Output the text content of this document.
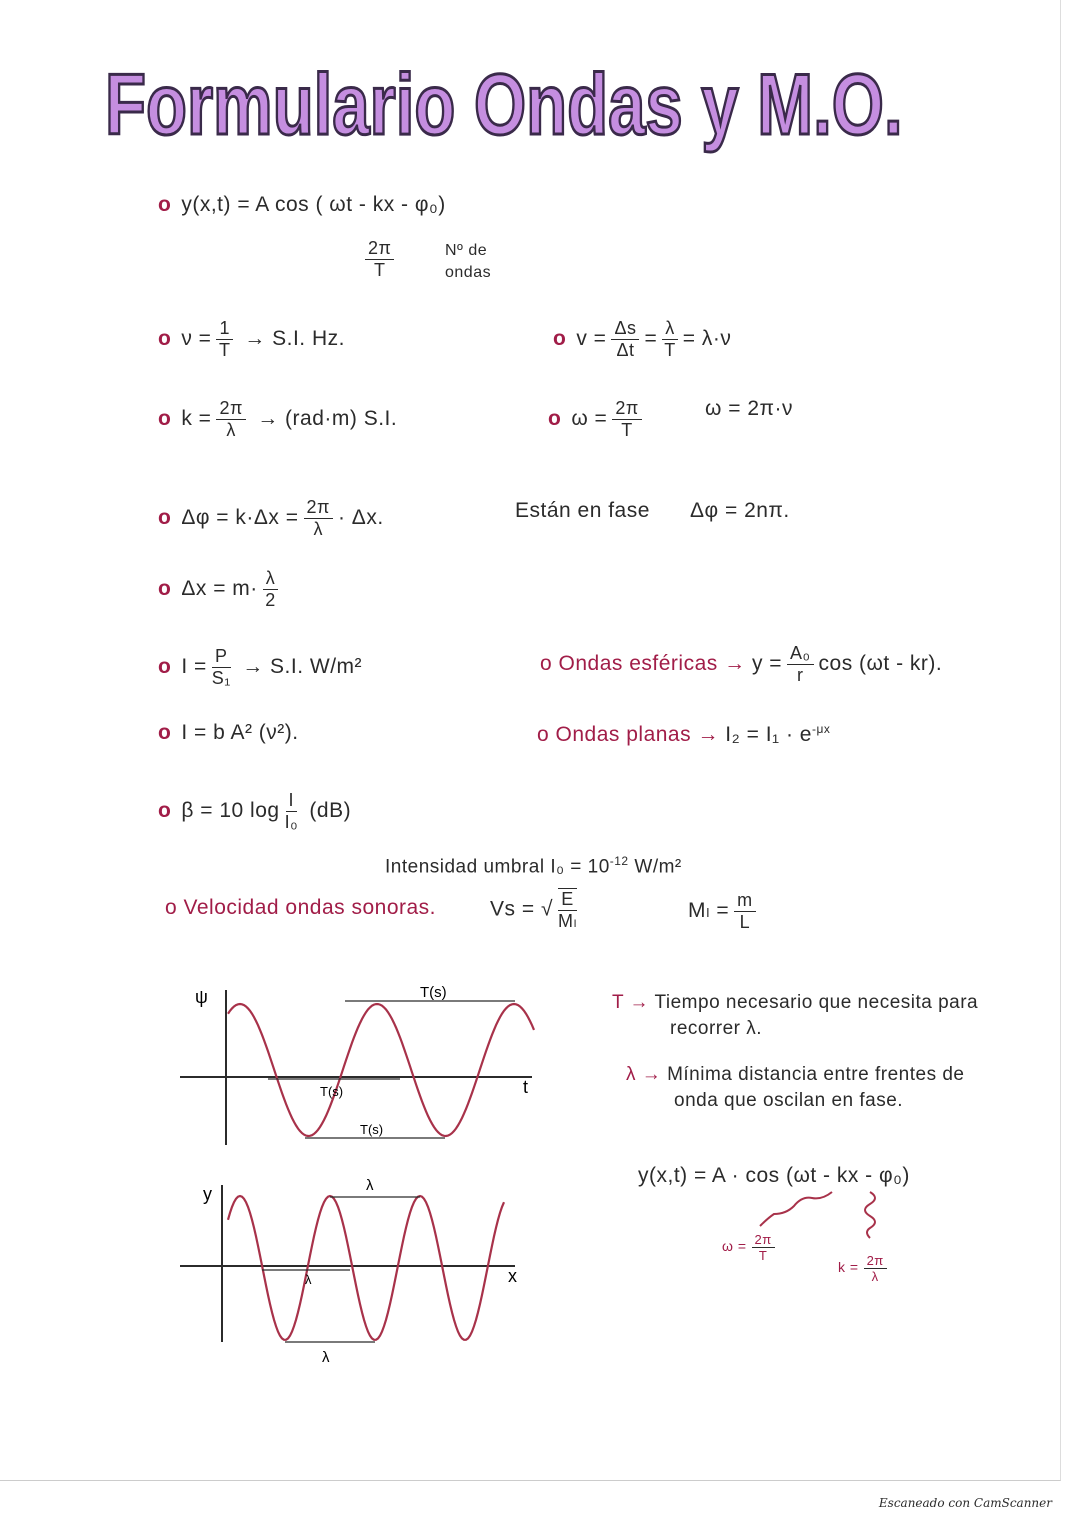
Formulario Ondas y M.O.
o y(x,t) = A cos ( ωt - kx - φ₀)
$\frac{2\pi}{T}$	Nº de
ondas
o $\nu = \frac{1}{T} \to S.I$. Hz.	o $v = \frac{\Delta s}{\Delta t} = \frac{\lambda}{T} = \lambda\cdot\nu$
o $k = \frac{2\pi}{\lambda} \to (rad\cdot m)$ S.I.	o $\omega = \frac{2\pi}{T}$	ω = 2π·ν
o $\Delta\varphi = k\cdot\Delta x = \frac{2\pi}{\lambda} \cdot \Delta x$.	Están en fase Δφ = 2nπ.
o $\Delta x = m\cdot \frac{\lambda}{2}$
o $I = \frac{P}{\text{S₁}} \to S.I$. W/m²	o Ondas esféricas → $y = \frac{\text{A₀}}{r}$ cos (ωt - kr).
o I = b A² (ν²).	o Ondas planas → $I_2 = I_1 \cdot e^{-\mu x}$
o β = 10 $\log \frac{I}{\text{I₀}} (dB)$
Intensidad umbral $I_0 = 10^{-12}$ W/m²
o Velocidad ondas sonoras.	Vs = √ $\frac{E}{\text{Mₗ}}$	$M_l = \frac{m}{L}$
T → Tiempo necesario que necesita para
recorrer λ.
λ → Mínima distancia entre frentes de
onda que oscilan en fase.
y(x,t) = A · cos (ωt - kx - φ₀)
$\omega = \frac{2\pi}{T}$
$k = \frac{2\pi}{\lambda}$
ψ
t
T(s)
T(s)
T(s)
y
x
λ
λ
λ
Escaneado con CamScanner
